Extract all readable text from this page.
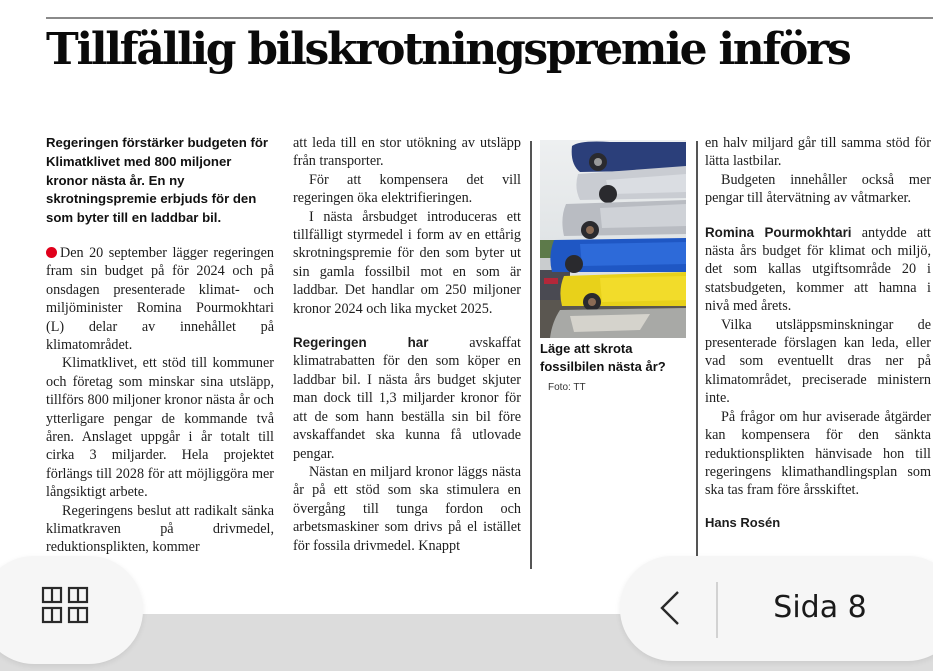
Tillfällig bilskrotningspremie införs

Regeringen förstärker budgeten för Klimatklivet med 800 miljoner kronor nästa år. En ny skrotningspremie erbjuds för den som byter till en laddbar bil.

Den 20 september lägger regeringen fram sin budget på för 2024 och på onsdagen presenterade klimat- och miljöminister Romina Pourmokhtari (L) delar av innehållet på klimatområdet.

Klimatklivet, ett stöd till kommuner och företag som minskar sina utsläpp, tillförs 800 miljoner kronor nästa år och ytterligare pengar de kommande två åren. Anslaget uppgår i år totalt till cirka 3 miljarder. Hela projektet förlängs till 2028 för att möjliggöra mer långsiktigt arbete.

Regeringens beslut att radikalt sänka klimatkraven på drivmedel, reduktionsplikten, kommer

att leda till en stor utökning av utsläpp från transporter.

För att kompensera det vill regeringen öka elektrifieringen.

I nästa årsbudget introduceras ett tillfälligt styrmedel i form av en ettårig skrotningspremie för den som byter ut sin gamla fossilbil mot en som är laddbar. Det handlar om 250 miljoner kronor 2024 och lika mycket 2025.

Regeringen har avskaffat klimatrabatten för den som köper en laddbar bil. I nästa års budget skjuter man dock till 1,3 miljarder kronor för att de som hann beställa sin bil före avskaffandet ska kunna få utlovade pengar.

Nästan en miljard kronor läggs nästa år på ett stöd som ska stimulera en övergång till tunga fordon och arbetsmaskiner som drivs på el istället för fossila drivmedel. Knappt

Läge att skrota fossilbilen nästa år?Foto: TT

en halv miljard går till samma stöd för lätta lastbilar.

Budgeten innehåller också mer pengar till återvätning av våtmarker.

Romina Pourmokhtari antydde att nästa års budget för klimat och miljö, det som kallas utgiftsområde 20 i statsbudgeten, kommer att hamna i nivå med årets.

Vilka utsläppsminskningar de presenterade förslagen kan leda, eller vad som eventuellt dras ner på klimatområdet, preciserade ministern inte.

På frågor om hur aviserade åtgärder kan kompensera för den sänkta reduktionsplikten hänvisade hon till regeringens klimathandlingsplan som ska tas fram före årsskiftet.

Hans Rosén

Sida 8
